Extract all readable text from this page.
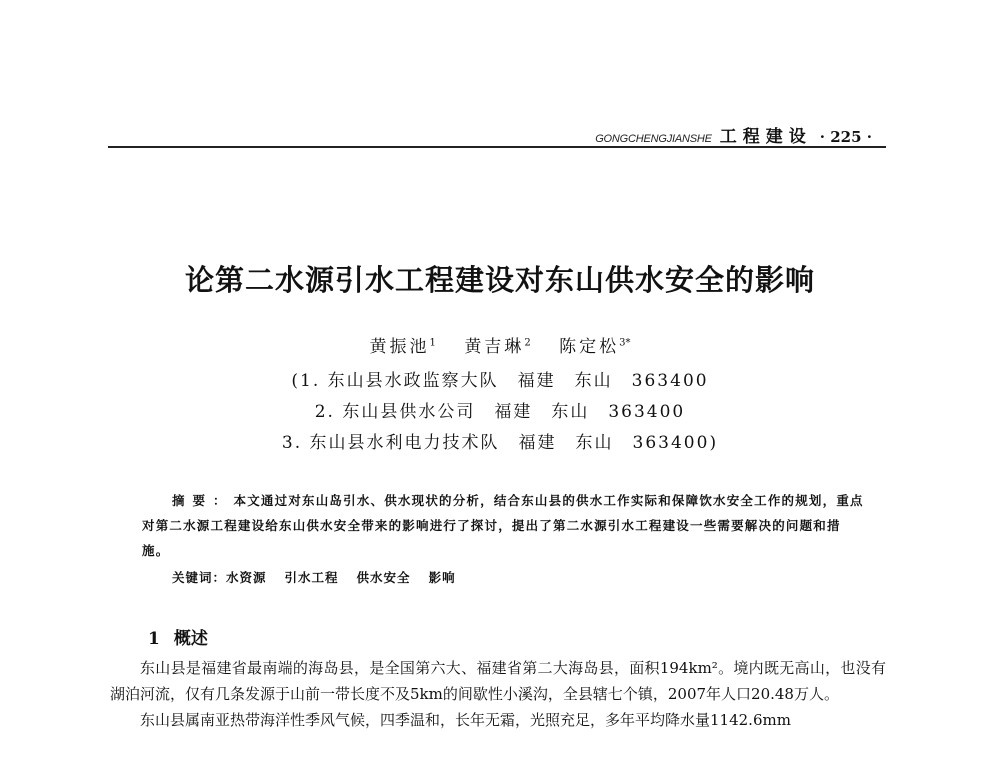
GONGCHENGJIANSHE 工程建设 · 225 ·
论第二水源引水工程建设对东山供水安全的影响
黄振池$^1$ 黄吉琳$^2$ 陈定松$^{3*}$
(1. 东山县水政监察大队　福建　东山　363400
2. 东山县供水公司　福建　东山　363400
3. 东山县水利电力技术队　福建　东山　363400)
摘要：本文通过对东山岛引水、供水现状的分析，结合东山县的供水工作实际和保障饮水安全工作的规划，重点对第二水源工程建设给东山供水安全带来的影响进行了探讨，提出了第二水源引水工程建设一些需要解决的问题和措施。
关键词：水资源 引水工程 供水安全 影响
1 概述

东山县是福建省最南端的海岛县，是全国第六大、福建省第二大海岛县，面积194km²。境内既无高山，也没有湖泊河流，仅有几条发源于山前一带长度不及5km的间歇性小溪沟，全县辖七个镇，2007年人口20.48万人。

东山县属南亚热带海洋性季风气候，四季温和，长年无霜，光照充足，多年平均降水量1142.6mm
